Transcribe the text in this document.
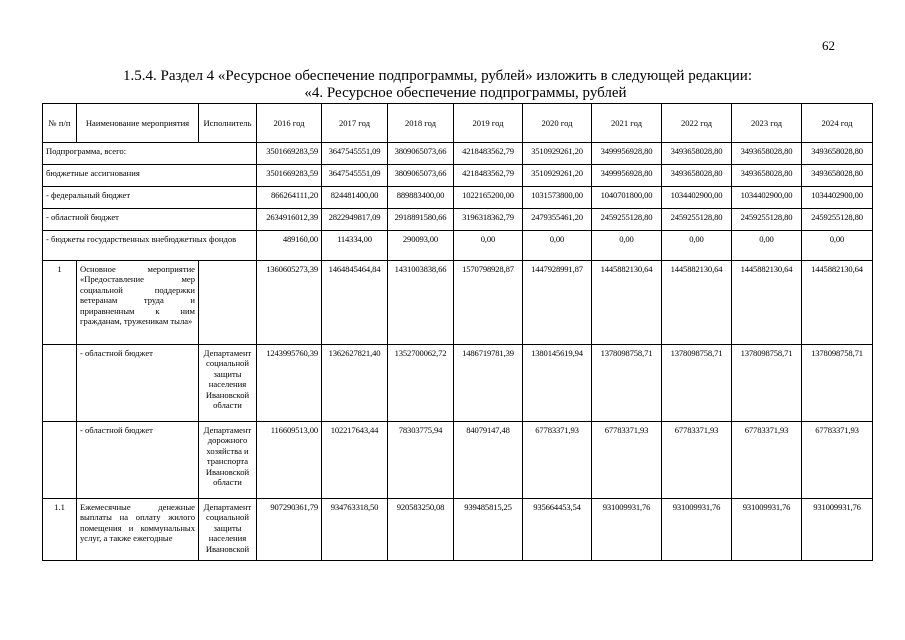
62
1.5.4. Раздел 4 «Ресурсное обеспечение подпрограммы, рублей» изложить в следующей редакции:
«4. Ресурсное обеспечение подпрограммы, рублей
№ п/п	Наименование мероприятия	Исполнитель	2016 год	2017 год	2018 год	2019 год	2020 год	2021 год	2022 год	2023 год	2024 год
Подпрограмма, всего:			3501669283,59	3647545551,09	3809065073,66	4218483562,79	3510929261,20	3499956928,80	3493658028,80	3493658028,80	3493658028,80
бюджетные ассигнования			3501669283,59	3647545551,09	3809065073,66	4218483562,79	3510929261,20	3499956928,80	3493658028,80	3493658028,80	3493658028,80
- федеральный бюджет			866264111,20	824481400,00	889883400,00	1022165200,00	1031573800,00	1040701800,00	1034402900,00	1034402900,00	1034402900,00
- областной бюджет			2634916012,39	2822949817,09	2918891580,66	3196318362,79	2479355461,20	2459255128,80	2459255128,80	2459255128,80	2459255128,80
- бюджеты государственных внебюджетных фондов			489160,00	114334,00	290093,00	0,00	0,00	0,00	0,00	0,00	0,00
1	Основное мероприятие «Предоставление мер социальной поддержки ветеранам труда и приравненным к ним гражданам, труженикам тыла»		1360605273,39	1464845464,84	1431003838,66	1570798928,87	1447928991,87	1445882130,64	1445882130,64	1445882130,64	1445882130,64
	- областной бюджет	Департамент социальной защиты населения Ивановской области	1243995760,39	1362627821,40	1352700062,72	1486719781,39	1380145619,94	1378098758,71	1378098758,71	1378098758,71	1378098758,71
	- областной бюджет	Департамент дорожного хозяйства и транспорта Ивановской области	116609513,00	102217643,44	78303775,94	84079147,48	67783371,93	67783371,93	67783371,93	67783371,93	67783371,93
1.1	Ежемесячные денежные выплаты на оплату жилого помещения и коммунальных услуг, а также ежегодные	Департамент социальной защиты населения Ивановской	907290361,79	934763318,50	920583250,08	939485815,25	935664453,54	931009931,76	931009931,76	931009931,76	931009931,76
